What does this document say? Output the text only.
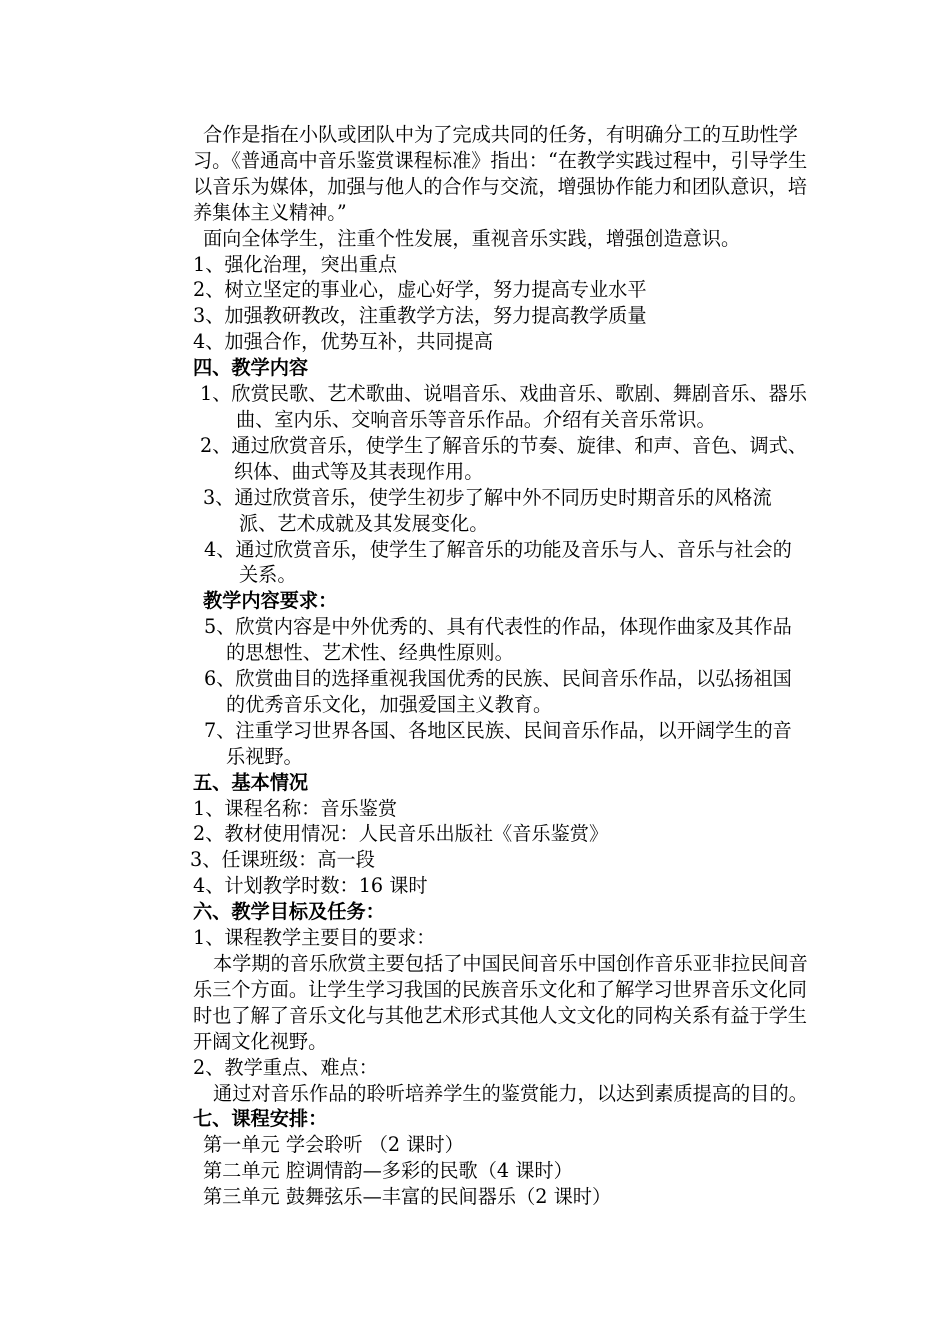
合作是指在小队或团队中为了完成共同的任务，有明确分工的互助性学习。《普通高中音乐鉴赏课程标准》指出：“在教学实践过程中，引导学生以音乐为媒体，加强与他人的合作与交流，增强协作能力和团队意识，培养集体主义精神。”

面向全体学生，注重个性发展，重视音乐实践，增强创造意识。

1、强化治理，突出重点

2、树立坚定的事业心，虚心好学，努力提高专业水平

3、加强教研教改，注重教学方法，努力提高教学质量

4、加强合作，优势互补，共同提高

四、教学内容

1、欣赏民歌、艺术歌曲、说唱音乐、戏曲音乐、歌剧、舞剧音乐、器乐曲、室内乐、交响音乐等音乐作品。介绍有关音乐常识。

2、通过欣赏音乐，使学生了解音乐的节奏、旋律、和声、音色、调式、织体、曲式等及其表现作用。

3、通过欣赏音乐，使学生初步了解中外不同历史时期音乐的风格流派、艺术成就及其发展变化。

4、通过欣赏音乐，使学生了解音乐的功能及音乐与人、音乐与社会的关系。

教学内容要求：

5、欣赏内容是中外优秀的、具有代表性的作品，体现作曲家及其作品的思想性、艺术性、经典性原则。

6、欣赏曲目的选择重视我国优秀的民族、民间音乐作品，以弘扬祖国的优秀音乐文化，加强爱国主义教育。

7、注重学习世界各国、各地区民族、民间音乐作品，以开阔学生的音乐视野。

五、基本情况

1、课程名称：音乐鉴赏

2、教材使用情况：人民音乐出版社《音乐鉴赏》

3、任课班级：高一段

4、计划教学时数：16 课时

六、教学目标及任务：

1、课程教学主要目的要求：

本学期的音乐欣赏主要包括了中国民间音乐中国创作音乐亚非拉民间音乐三个方面。让学生学习我国的民族音乐文化和了解学习世界音乐文化同时也了解了音乐文化与其他艺术形式其他人文文化的同构关系有益于学生开阔文化视野。

2、教学重点、难点：

通过对音乐作品的聆听培养学生的鉴赏能力，以达到素质提高的目的。

七、课程安排：

第一单元 学会聆听 （2 课时）

第二单元 腔调情韵—多彩的民歌（4 课时）

第三单元 鼓舞弦乐—丰富的民间器乐（2 课时）
